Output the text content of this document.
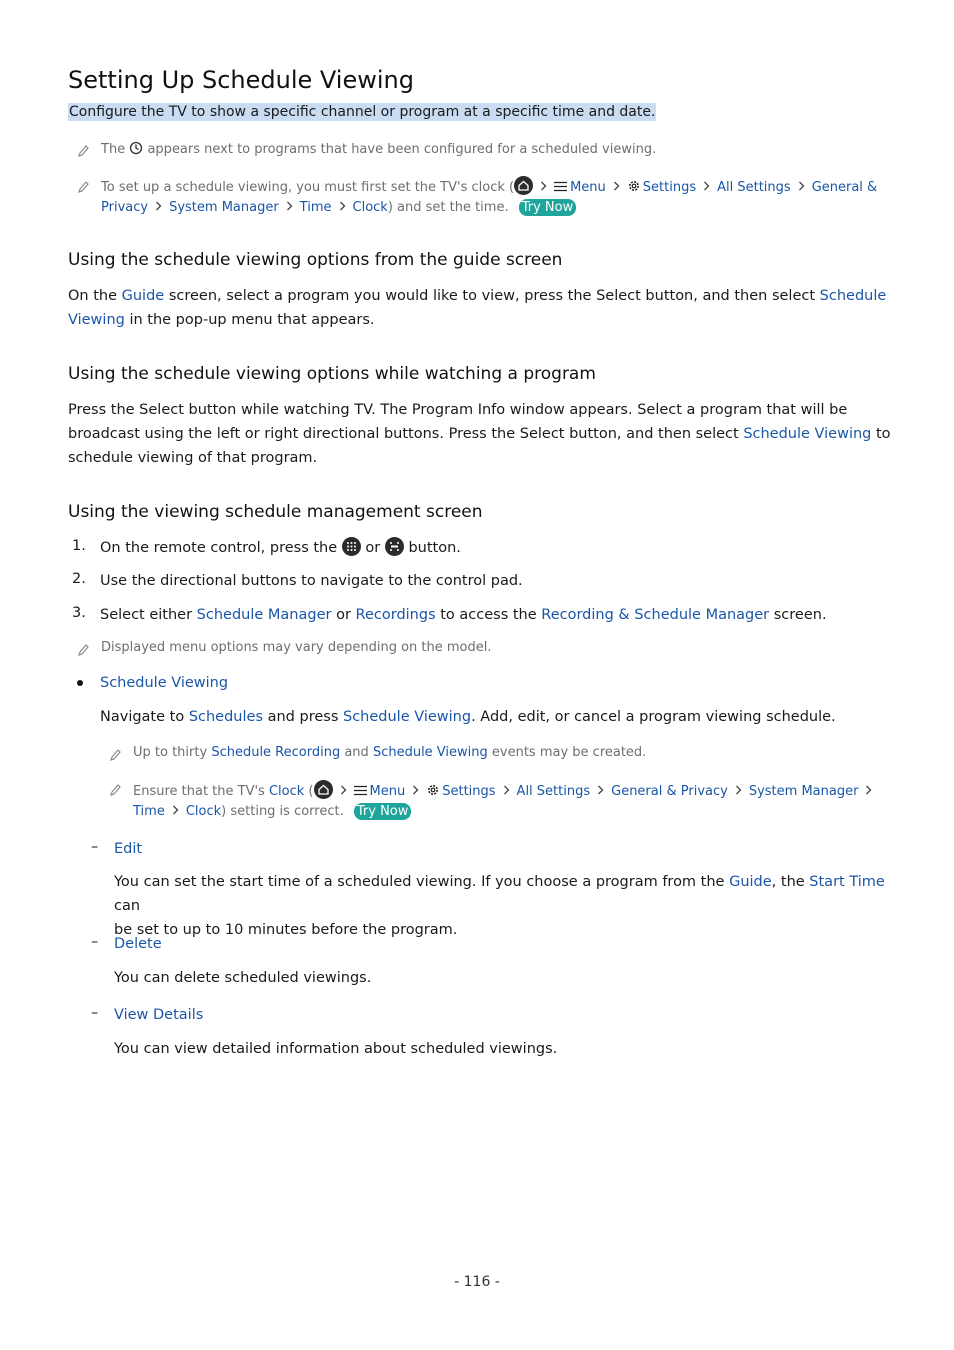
Setting Up Schedule Viewing
Configure the TV to show a specific channel or program at a specific time and date.
The appears next to programs that have been configured for a scheduled viewing.
To set up a schedule viewing, you must first set the TV's clock (	Menu	Settings All Settings General &
Privacy System Manager Time Clock) and set the time. Try Now
Using the schedule viewing options from the guide screen
On the Guide screen, select a program you would like to view, press the Select button, and then select Schedule
Viewing in the pop-up menu that appears.
Using the schedule viewing options while watching a program
Press the Select button while watching TV. The Program Info window appears. Select a program that will be
broadcast using the left or right directional buttons. Press the Select button, and then select Schedule Viewing to
schedule viewing of that program.
Using the viewing schedule management screen
1. On the remote control, press the or button.
2. Use the directional buttons to navigate to the control pad.
3. Select either Schedule Manager or Recordings to access the Recording & Schedule Manager screen.
Displayed menu options may vary depending on the model.
Schedule Viewing
Navigate to Schedules and press Schedule Viewing. Add, edit, or cancel a program viewing schedule.
Up to thirty Schedule Recording and Schedule Viewing events may be created.
Ensure that the TV's Clock (	Menu	Settings All Settings General & Privacy System Manager
Time Clock) setting is correct. Try Now
– Edit
You can set the start time of a scheduled viewing. If you choose a program from the Guide, the Start Time can
be set to up to 10 minutes before the program.
– Delete
You can delete scheduled viewings.
– View Details
You can view detailed information about scheduled viewings.
- 116 -
